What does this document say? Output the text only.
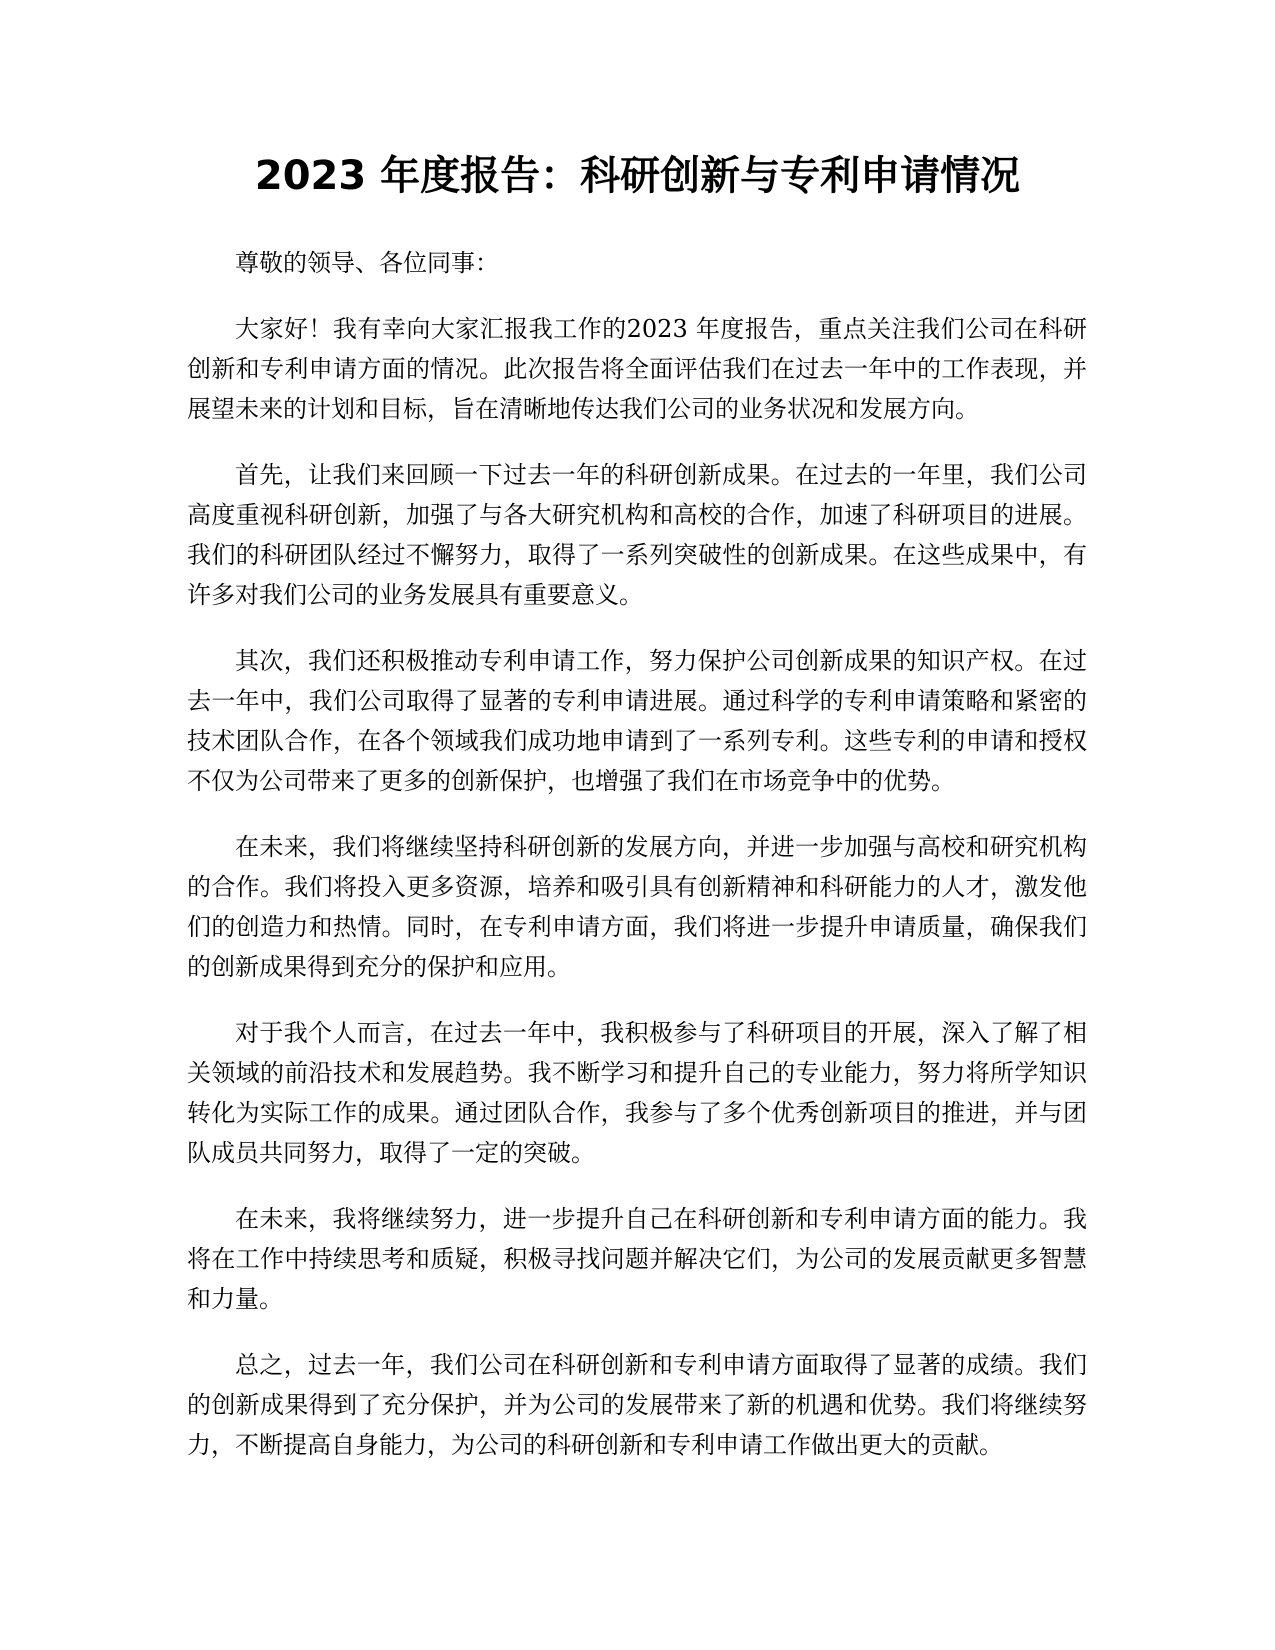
2023 年度报告：科研创新与专利申请情况

尊敬的领导、各位同事：

大家好！我有幸向大家汇报我工作的2023 年度报告，重点关注我们公司在科研创新和专利申请方面的情况。此次报告将全面评估我们在过去一年中的工作表现，并展望未来的计划和目标，旨在清晰地传达我们公司的业务状况和发展方向。

首先，让我们来回顾一下过去一年的科研创新成果。在过去的一年里，我们公司高度重视科研创新，加强了与各大研究机构和高校的合作，加速了科研项目的进展。我们的科研团队经过不懈努力，取得了一系列突破性的创新成果。在这些成果中，有许多对我们公司的业务发展具有重要意义。

其次，我们还积极推动专利申请工作，努力保护公司创新成果的知识产权。在过去一年中，我们公司取得了显著的专利申请进展。通过科学的专利申请策略和紧密的技术团队合作，在各个领域我们成功地申请到了一系列专利。这些专利的申请和授权不仅为公司带来了更多的创新保护，也增强了我们在市场竞争中的优势。

在未来，我们将继续坚持科研创新的发展方向，并进一步加强与高校和研究机构的合作。我们将投入更多资源，培养和吸引具有创新精神和科研能力的人才，激发他们的创造力和热情。同时，在专利申请方面，我们将进一步提升申请质量，确保我们的创新成果得到充分的保护和应用。

对于我个人而言，在过去一年中，我积极参与了科研项目的开展，深入了解了相关领域的前沿技术和发展趋势。我不断学习和提升自己的专业能力，努力将所学知识转化为实际工作的成果。通过团队合作，我参与了多个优秀创新项目的推进，并与团队成员共同努力，取得了一定的突破。

在未来，我将继续努力，进一步提升自己在科研创新和专利申请方面的能力。我将在工作中持续思考和质疑，积极寻找问题并解决它们，为公司的发展贡献更多智慧和力量。

总之，过去一年，我们公司在科研创新和专利申请方面取得了显著的成绩。我们的创新成果得到了充分保护，并为公司的发展带来了新的机遇和优势。我们将继续努力，不断提高自身能力，为公司的科研创新和专利申请工作做出更大的贡献。
